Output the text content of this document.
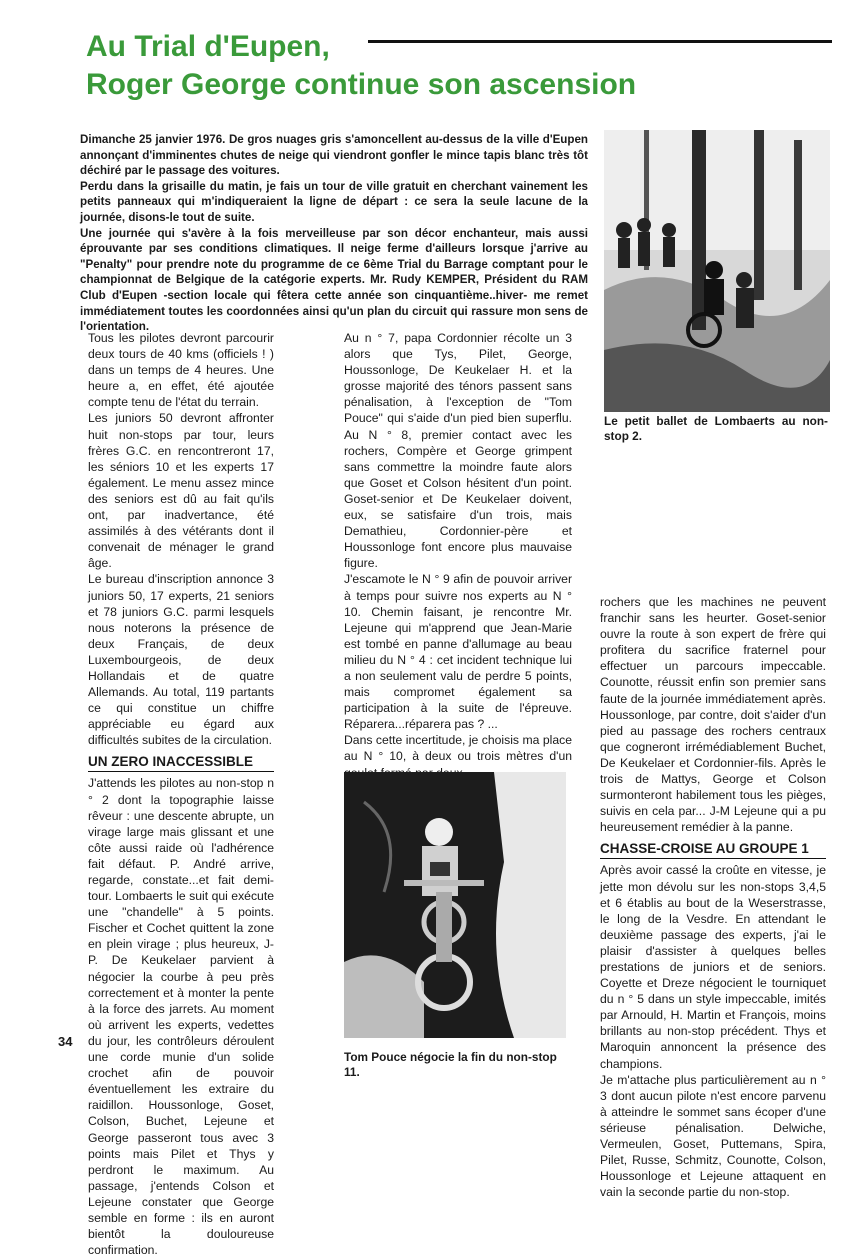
Au Trial d'Eupen,
Roger George continue son ascension

Dimanche 25 janvier 1976. De gros nuages gris s'amoncellent au-dessus de la ville d'Eupen annonçant d'imminentes chutes de neige qui viendront gonfler le mince tapis blanc très tôt déchiré par le passage des voitures.

Perdu dans la grisaille du matin, je fais un tour de ville gratuit en cherchant vainement les petits panneaux qui m'indiqueraient la ligne de départ : ce sera la seule lacune de la journée, disons-le tout de suite.

Une journée qui s'avère à la fois merveilleuse par son décor enchanteur, mais aussi éprouvante par ses conditions climatiques. Il neige ferme d'ailleurs lorsque j'arrive au "Penalty" pour prendre note du programme de ce 6ème Trial du Barrage comptant pour le championnat de Belgique de la catégorie experts. Mr. Rudy KEMPER, Président du RAM Club d'Eupen -section locale qui fêtera cette année son cinquantième..hiver- me remet immédiatement toutes les coordonnées ainsi qu'un plan du circuit qui rassure mon sens de l'orientation.

Tous les pilotes devront parcourir deux tours de 40 kms (officiels ! ) dans un temps de 4 heures. Une heure a, en effet, été ajoutée compte tenu de l'état du terrain.

Les juniors 50 devront affronter huit non-stops par tour, leurs frères G.C. en rencontreront 17, les séniors 10 et les experts 17 également. Le menu assez mince des seniors est dû au fait qu'ils ont, par inadvertance, été assimilés à des vétérants dont il convenait de ménager le grand âge.

Le bureau d'inscription annonce 3 juniors 50, 17 experts, 21 seniors et 78 juniors G.C. parmi lesquels nous noterons la présence de deux Français, de deux Luxembourgeois, de deux Hollandais et de quatre Allemands. Au total, 119 partants ce qui constitue un chiffre appréciable eu égard aux difficultés subites de la circulation.

UN ZERO INACCESSIBLE

J'attends les pilotes au non-stop n ° 2 dont la topographie laisse rêveur : une descente abrupte, un virage large mais glissant et une côte aussi raide où l'adhérence fait défaut. P. André arrive, regarde, constate...et fait demi-tour. Lombaerts le suit qui exécute une "chandelle" à 5 points. Fischer et Cochet quittent la zone en plein virage ; plus heureux, J-P. De Keukelaer parvient à négocier la courbe à peu près correctement et à monter la pente à la force des jarrets. Au moment où arrivent les experts, vedettes du jour, les contrôleurs déroulent une corde munie d'un solide crochet afin de pouvoir éventuellement les extraire du raidillon. Houssonloge, Goset, Colson, Buchet, Lejeune et George passeront tous avec 3 points mais Pilet et Thys y perdront le maximum. Au passage, j'entends Colson et Lejeune constater que George semble en forme : ils en auront bientôt la douloureuse confirmation.

Au n ° 7, papa Cordonnier récolte un 3 alors que Tys, Pilet, George, Houssonloge, De Keukelaer H. et la grosse majorité des ténors passent sans pénalisation, à l'exception de "Tom Pouce" qui s'aide d'un pied bien superflu. Au N ° 8, premier contact avec les rochers, Compère et George grimpent sans commettre la moindre faute alors que Goset et Colson hésitent d'un point. Goset-senior et De Keukelaer doivent, eux, se satisfaire d'un trois, mais Demathieu, Cordonnier-père et Houssonloge font encore plus mauvaise figure.

J'escamote le N ° 9 afin de pouvoir arriver à temps pour suivre nos experts au N ° 10. Chemin faisant, je rencontre Mr. Lejeune qui m'apprend que Jean-Marie est tombé en panne d'allumage au beau milieu du N ° 4 : cet incident technique lui a non seulement valu de perdre 5 points, mais compromet également sa participation à la suite de l'épreuve. Réparera...réparera pas ? ...

Dans cette incertitude, je choisis ma place au N ° 10, à deux ou trois mètres d'un

Le petit ballet de Lombaerts au non-stop 2.

rochers que les machines ne peuvent franchir sans les heurter. Goset-senior ouvre la route à son expert de frère qui profitera du sacrifice fraternel pour effectuer un parcours impeccable. Counotte, réussit enfin son premier sans faute de la journée immédiatement après. Houssonloge, par contre, doit s'aider d'un pied au passage des rochers centraux que cogneront irrémédiablement Buchet, De Keukelaer et Cordonnier-fils. Après le trois de Mattys, George et Colson surmonteront habilement tous les pièges, suivis en cela par... J-M Lejeune qui a pu heureusement remédier à la panne.

CHASSE-CROISE AU GROUPE 1

Après avoir cassé la croûte en vitesse, je jette mon dévolu sur les non-stops 3,4,5 et 6 établis au bout de la Weserstrasse, le long de la Vesdre. En attendant le deuxième passage des experts, j'ai le plaisir d'assister à quelques belles prestations de juniors et de seniors. Coyette et Dreze négocient le tourniquet du n ° 5 dans un style impeccable, imités par Arnould, H. Martin et François, moins brillants au non-stop précédent. Thys et Maroquin annoncent la présence des champions.

Je m'attache plus particulièrement au n ° 3 dont aucun pilote n'est encore parvenu à atteindre le sommet sans écoper d'une sérieuse pénalisation. Delwiche, Vermeulen, Goset, Puttemans, Spira, Pilet, Russe, Schmitz, Counotte, Colson, Houssonloge et Lejeune attaquent en vain la seconde partie du non-stop.

Tom Pouce négocie la fin du non-stop 11.
34
